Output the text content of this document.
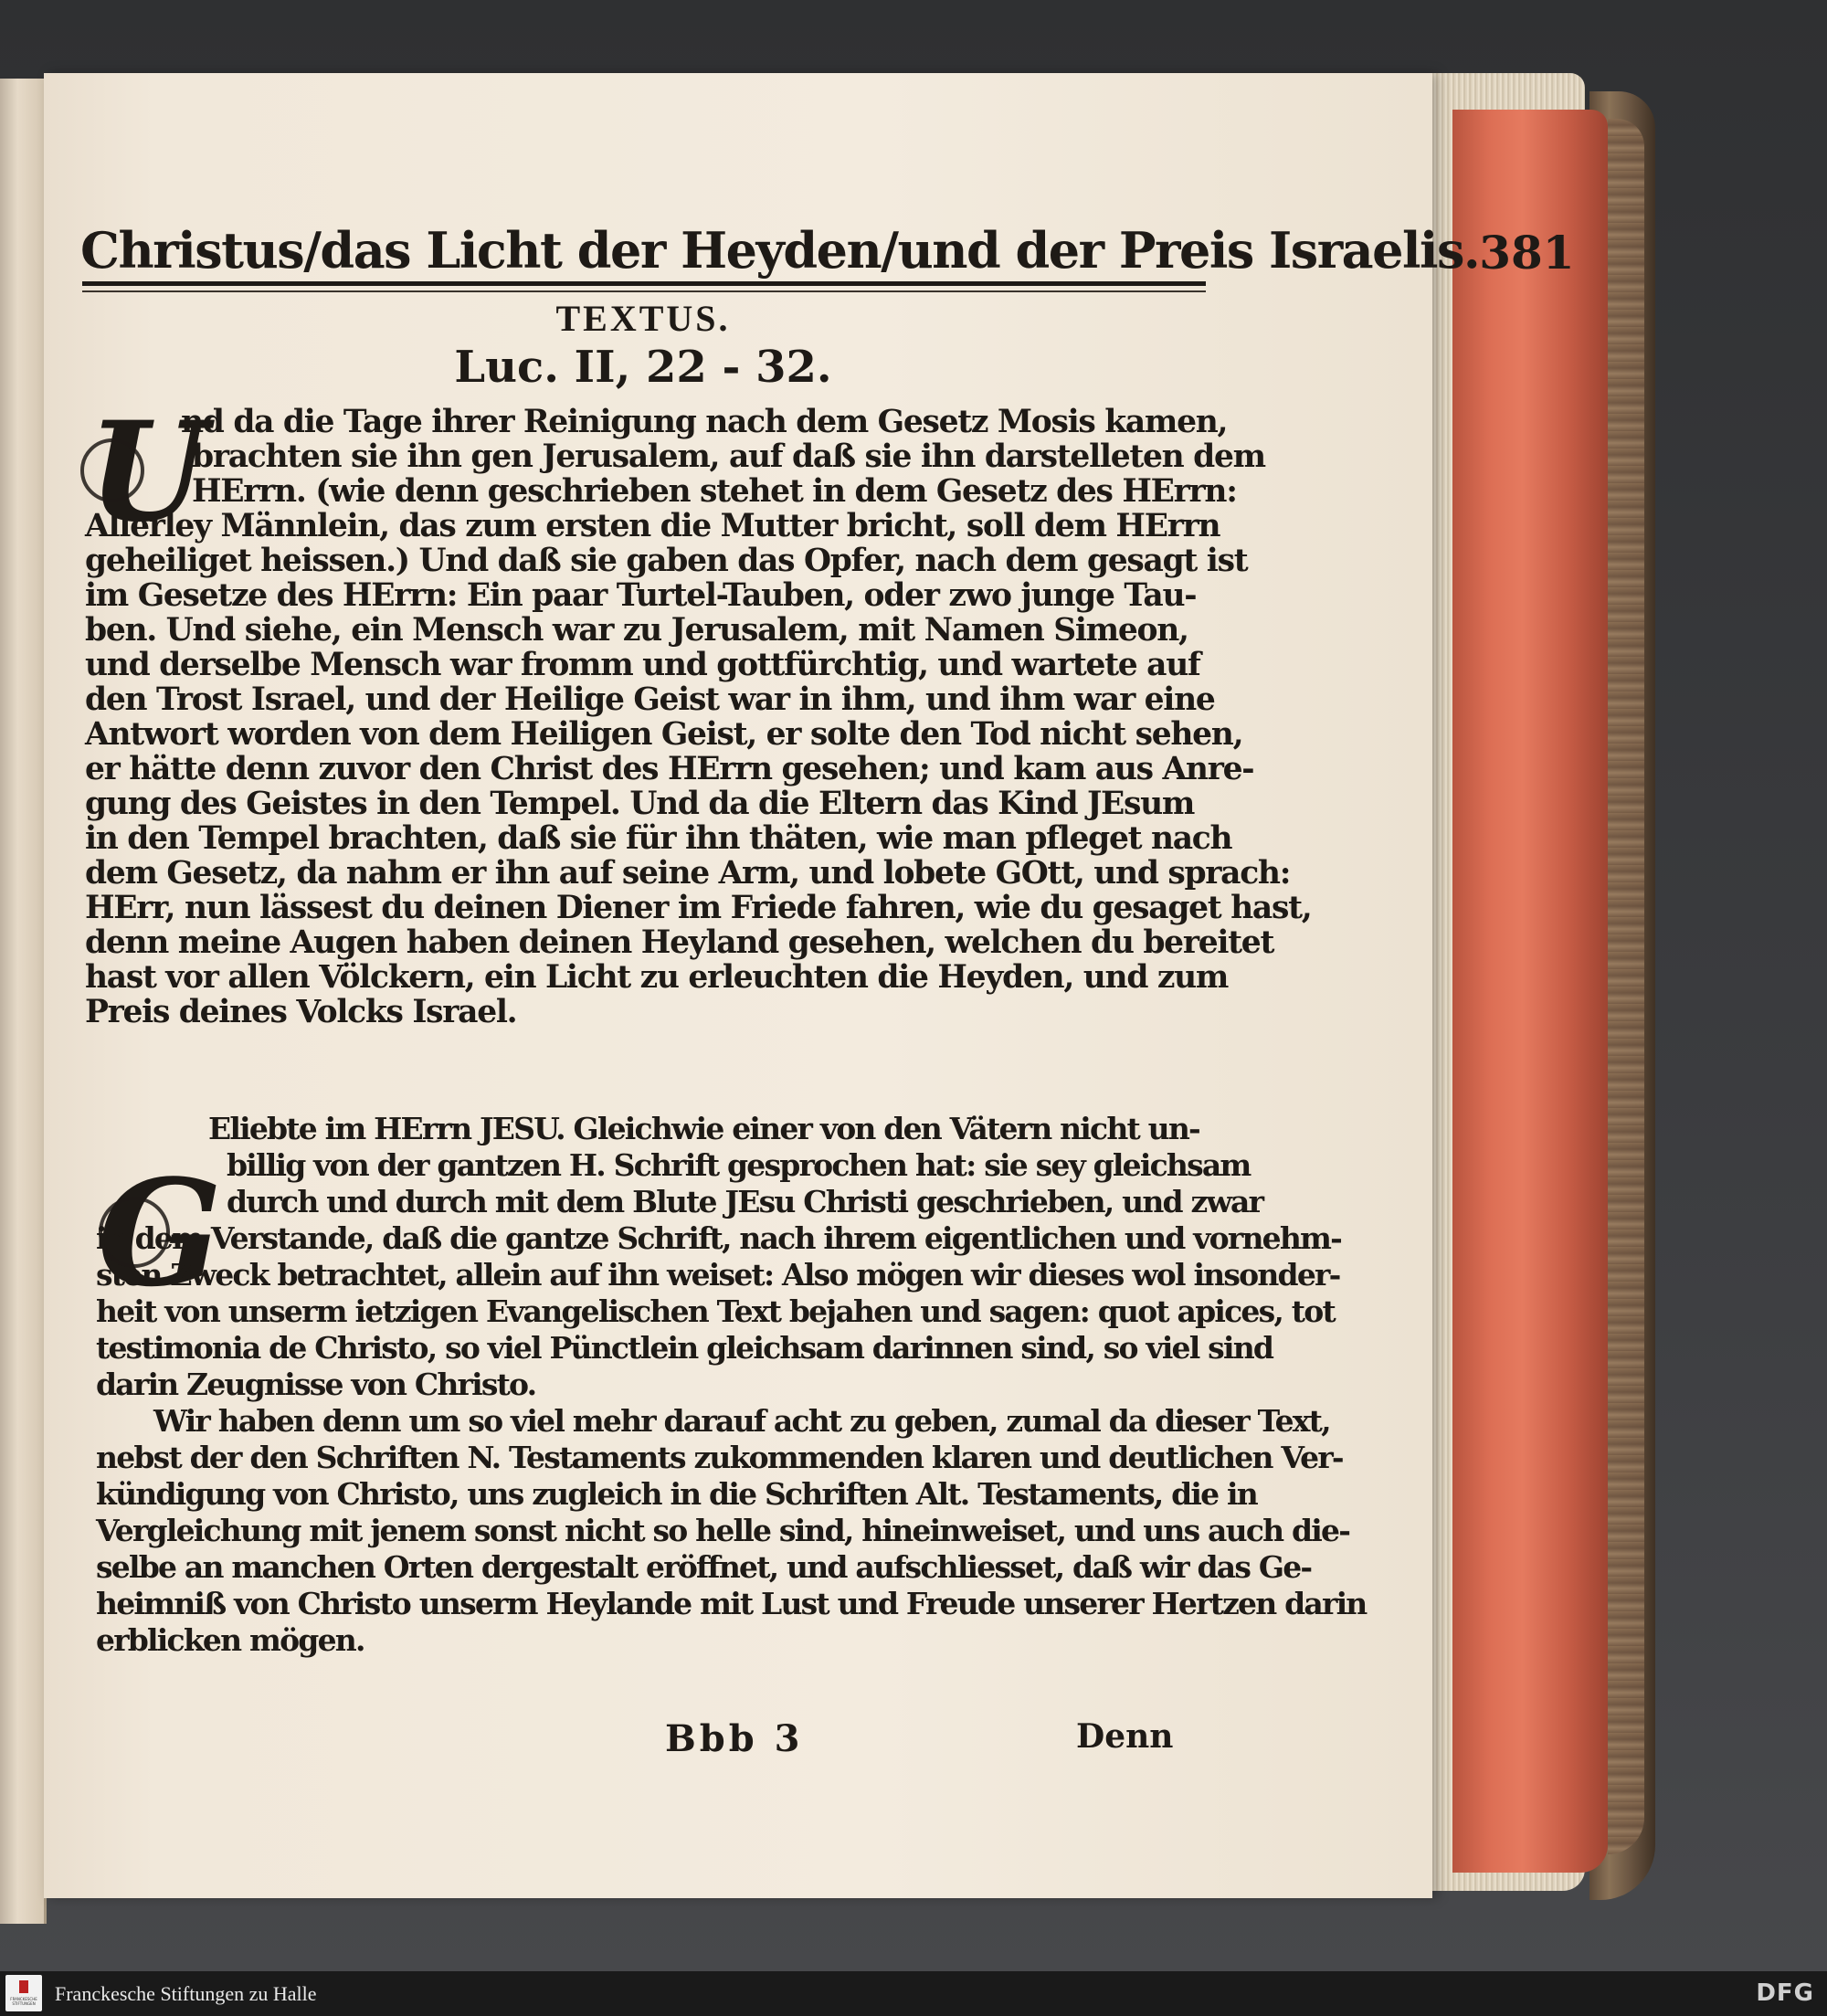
Christus/das Licht der Heyden/und der Preis Israelis. 381
TEXTUS.
Luc. II, 22 - 32.
U
nd da die Tage ihrer Reinigung nach dem Gesetz Mosis kamen,
brachten sie ihn gen Jerusalem, auf daß sie ihn darstelleten dem
HErrn. (wie denn geschrieben stehet in dem Gesetz des HErrn:
Allerley Männlein, das zum ersten die Mutter bricht, soll dem HErrn
geheiliget heissen.) Und daß sie gaben das Opfer, nach dem gesagt ist
im Gesetze des HErrn: Ein paar Turtel-Tauben, oder zwo junge Tau-
ben. Und siehe, ein Mensch war zu Jerusalem, mit Namen Simeon,
und derselbe Mensch war fromm und gottfürchtig, und wartete auf
den Trost Israel, und der Heilige Geist war in ihm, und ihm war eine
Antwort worden von dem Heiligen Geist, er solte den Tod nicht sehen,
er hätte denn zuvor den Christ des HErrn gesehen; und kam aus Anre-
gung des Geistes in den Tempel. Und da die Eltern das Kind JEsum
in den Tempel brachten, daß sie für ihn thäten, wie man pfleget nach
dem Gesetz, da nahm er ihn auf seine Arm, und lobete GOtt, und sprach:
HErr, nun lässest du deinen Diener im Friede fahren, wie du gesaget hast,
denn meine Augen haben deinen Heyland gesehen, welchen du bereitet
hast vor allen Völckern, ein Licht zu erleuchten die Heyden, und zum
Preis deines Volcks Israel.
G
Eliebte im HErrn JESU. Gleichwie einer von den Vätern nicht un-
billig von der gantzen H. Schrift gesprochen hat: sie sey gleichsam
durch und durch mit dem Blute JEsu Christi geschrieben, und zwar
in dem Verstande, daß die gantze Schrift, nach ihrem eigentlichen und vornehm-
sten Zweck betrachtet, allein auf ihn weiset: Also mögen wir dieses wol insonder-
heit von unserm ietzigen Evangelischen Text bejahen und sagen: quot apices, tot
testimonia de Christo, so viel Pünctlein gleichsam darinnen sind, so viel sind
darin Zeugnisse von Christo.
Wir haben denn um so viel mehr darauf acht zu geben, zumal da dieser Text,
nebst der den Schriften N. Testaments zukommenden klaren und deutlichen Ver-
kündigung von Christo, uns zugleich in die Schriften Alt. Testaments, die in
Vergleichung mit jenem sonst nicht so helle sind, hineinweiset, und uns auch die-
selbe an manchen Orten dergestalt eröffnet, und aufschliesset, daß wir das Ge-
heimniß von Christo unserm Heylande mit Lust und Freude unserer Hertzen darin
erblicken mögen.
Bbb 3	Denn
FRANCKESCHE STIFTUNGEN Franckesche Stiftungen zu Halle	DFG
